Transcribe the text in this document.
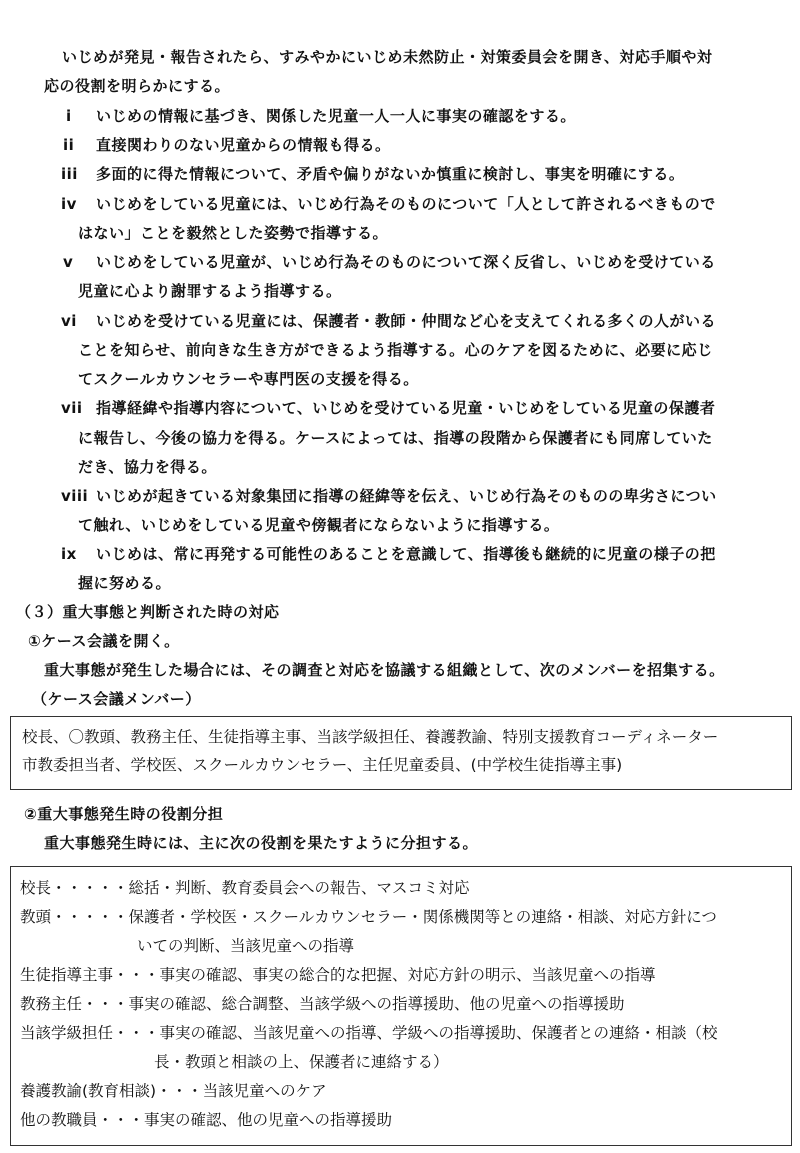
いじめが発見・報告されたら、すみやかにいじめ未然防止・対策委員会を開き、対応手順や対
応の役割を明らかにする。
i いじめの情報に基づき、関係した児童一人一人に事実の確認をする。
ii 直接関わりのない児童からの情報も得る。
iii 多面的に得た情報について、矛盾や偏りがないか慎重に検討し、事実を明確にする。
iv いじめをしている児童には、いじめ行為そのものについて「人として許されるべきもので
はない」ことを毅然とした姿勢で指導する。
v いじめをしている児童が、いじめ行為そのものについて深く反省し、いじめを受けている
児童に心より謝罪するよう指導する。
vi いじめを受けている児童には、保護者・教師・仲間など心を支えてくれる多くの人がいる
ことを知らせ、前向きな生き方ができるよう指導する。心のケアを図るために、必要に応じ
てスクールカウンセラーや専門医の支援を得る。
vii 指導経緯や指導内容について、いじめを受けている児童・いじめをしている児童の保護者
に報告し、今後の協力を得る。ケースによっては、指導の段階から保護者にも同席していた
だき、協力を得る。
viii いじめが起きている対象集団に指導の経緯等を伝え、いじめ行為そのものの卑劣さについ
て触れ、いじめをしている児童や傍観者にならないように指導する。
ix いじめは、常に再発する可能性のあることを意識して、指導後も継続的に児童の様子の把
握に努める。
（３）重大事態と判断された時の対応
①ケース会議を開く。
重大事態が発生した場合には、その調査と対応を協議する組織として、次のメンバーを招集する。
（ケース会議メンバー）
校長、〇教頭、教務主任、生徒指導主事、当該学級担任、養護教諭、特別支援教育コーディネーター
市教委担当者、学校医、スクールカウンセラー、主任児童委員、(中学校生徒指導主事)
②重大事態発生時の役割分担
重大事態発生時には、主に次の役割を果たすように分担する。
校長・・・・・総括・判断、教育委員会への報告、マスコミ対応
教頭・・・・・保護者・学校医・スクールカウンセラー・関係機関等との連絡・相談、対応方針につ
いての判断、当該児童への指導
生徒指導主事・・・事実の確認、事実の総合的な把握、対応方針の明示、当該児童への指導
教務主任・・・事実の確認、総合調整、当該学級への指導援助、他の児童への指導援助
当該学級担任・・・事実の確認、当該児童への指導、学級への指導援助、保護者との連絡・相談（校
長・教頭と相談の上、保護者に連絡する）
養護教諭(教育相談)・・・当該児童へのケア
他の教職員・・・事実の確認、他の児童への指導援助
